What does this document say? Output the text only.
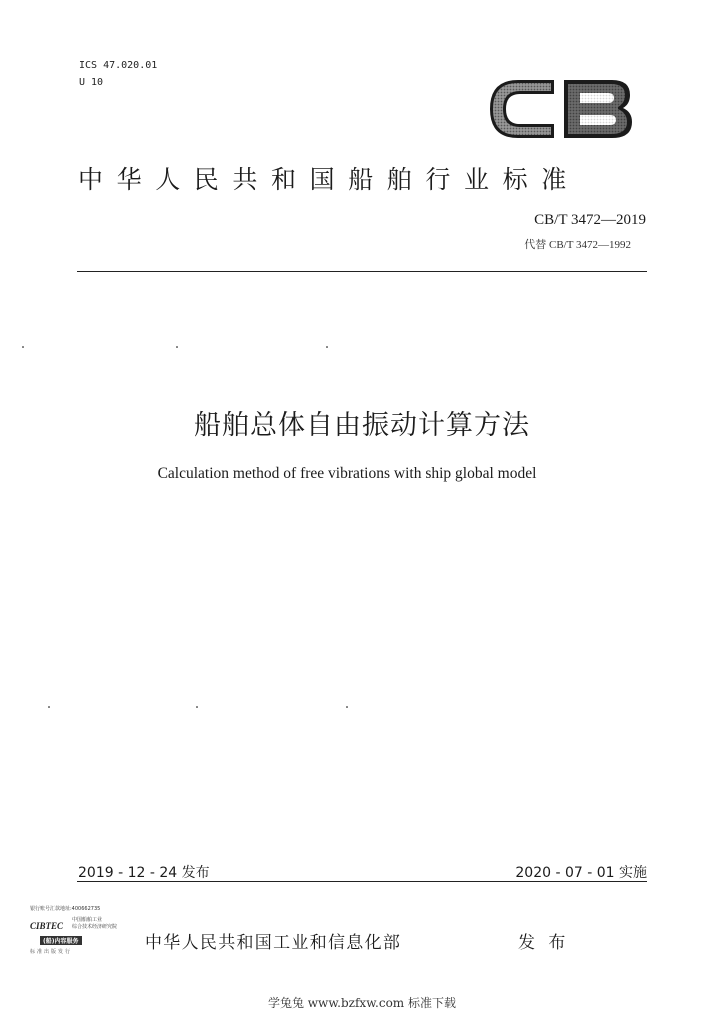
ICS 47.020.01
U 10
中华人民共和国船舶行业标准
CB/T 3472—2019
代替 CB/T 3472—1992
船舶总体自由振动计算方法
Calculation method of free vibrations with ship global model
2019 - 12 - 24 发布	2020 - 07 - 01 实施
银行账号汇款地址:400662735
CIBTEC
中国船舶工业
综合技术经济研究院
(船)内容服务
标准出版发行	中华人民共和国工业和信息化部	发 布
学兔兔 www.bzfxw.com 标准下载
